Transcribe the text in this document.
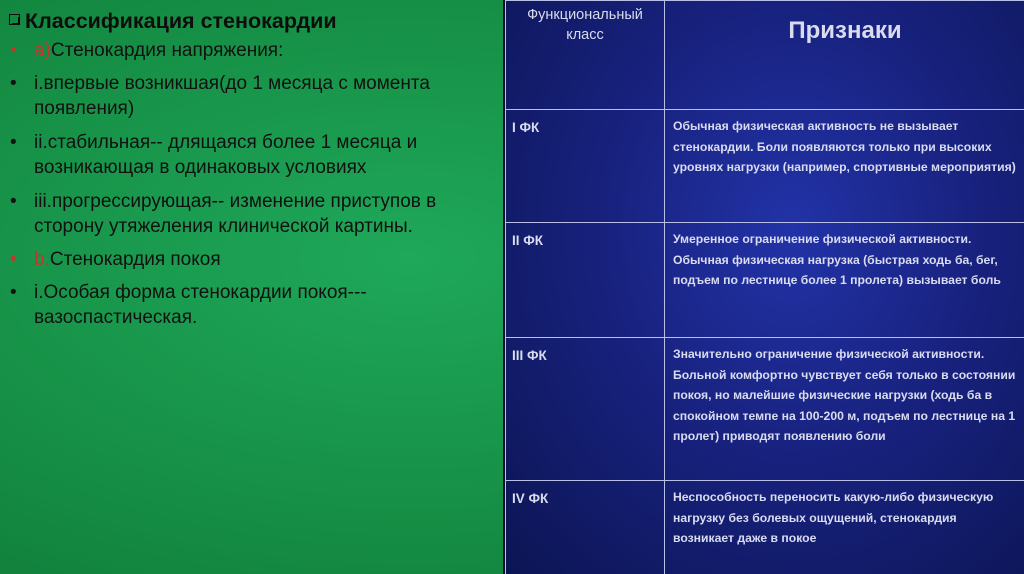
Классификация стенокардии
• a)Стенокардия напряжения:
• i.впервые возникшая(до 1 месяца с момента появления)
• ii.стабильная-- длящаяся более 1 месяца и возникающая в одинаковых условиях
• iii.прогрессирующая-- изменение приступов в сторону утяжеления клинической картины.
• b.Стенокардия покоя
• i.Особая форма стенокардии покоя---вазоспастическая.
Функциональный класс	Признаки
I ФК	Обычная физическая активность не вызывает стенокардии. Боли появляются только при высоких уровнях нагрузки (например, спортивные мероприятия)
II ФК	Умеренное ограничение физической активности. Обычная физическая нагрузка (быстрая ходь ба, бег, подъем по лестнице более 1 пролета) вызывает боль
III ФК	Значительно ограничение физической активности. Больной комфортно чувствует себя только в состоянии покоя, но малейшие физические нагрузки (ходь ба в спокойном темпе на 100-200 м, подъем по лестнице на 1 пролет) приводят появлению боли
IV ФК	Неспособность переносить какую-либо физическую нагрузку без болевых ощущений, стенокардия возникает даже в покое
